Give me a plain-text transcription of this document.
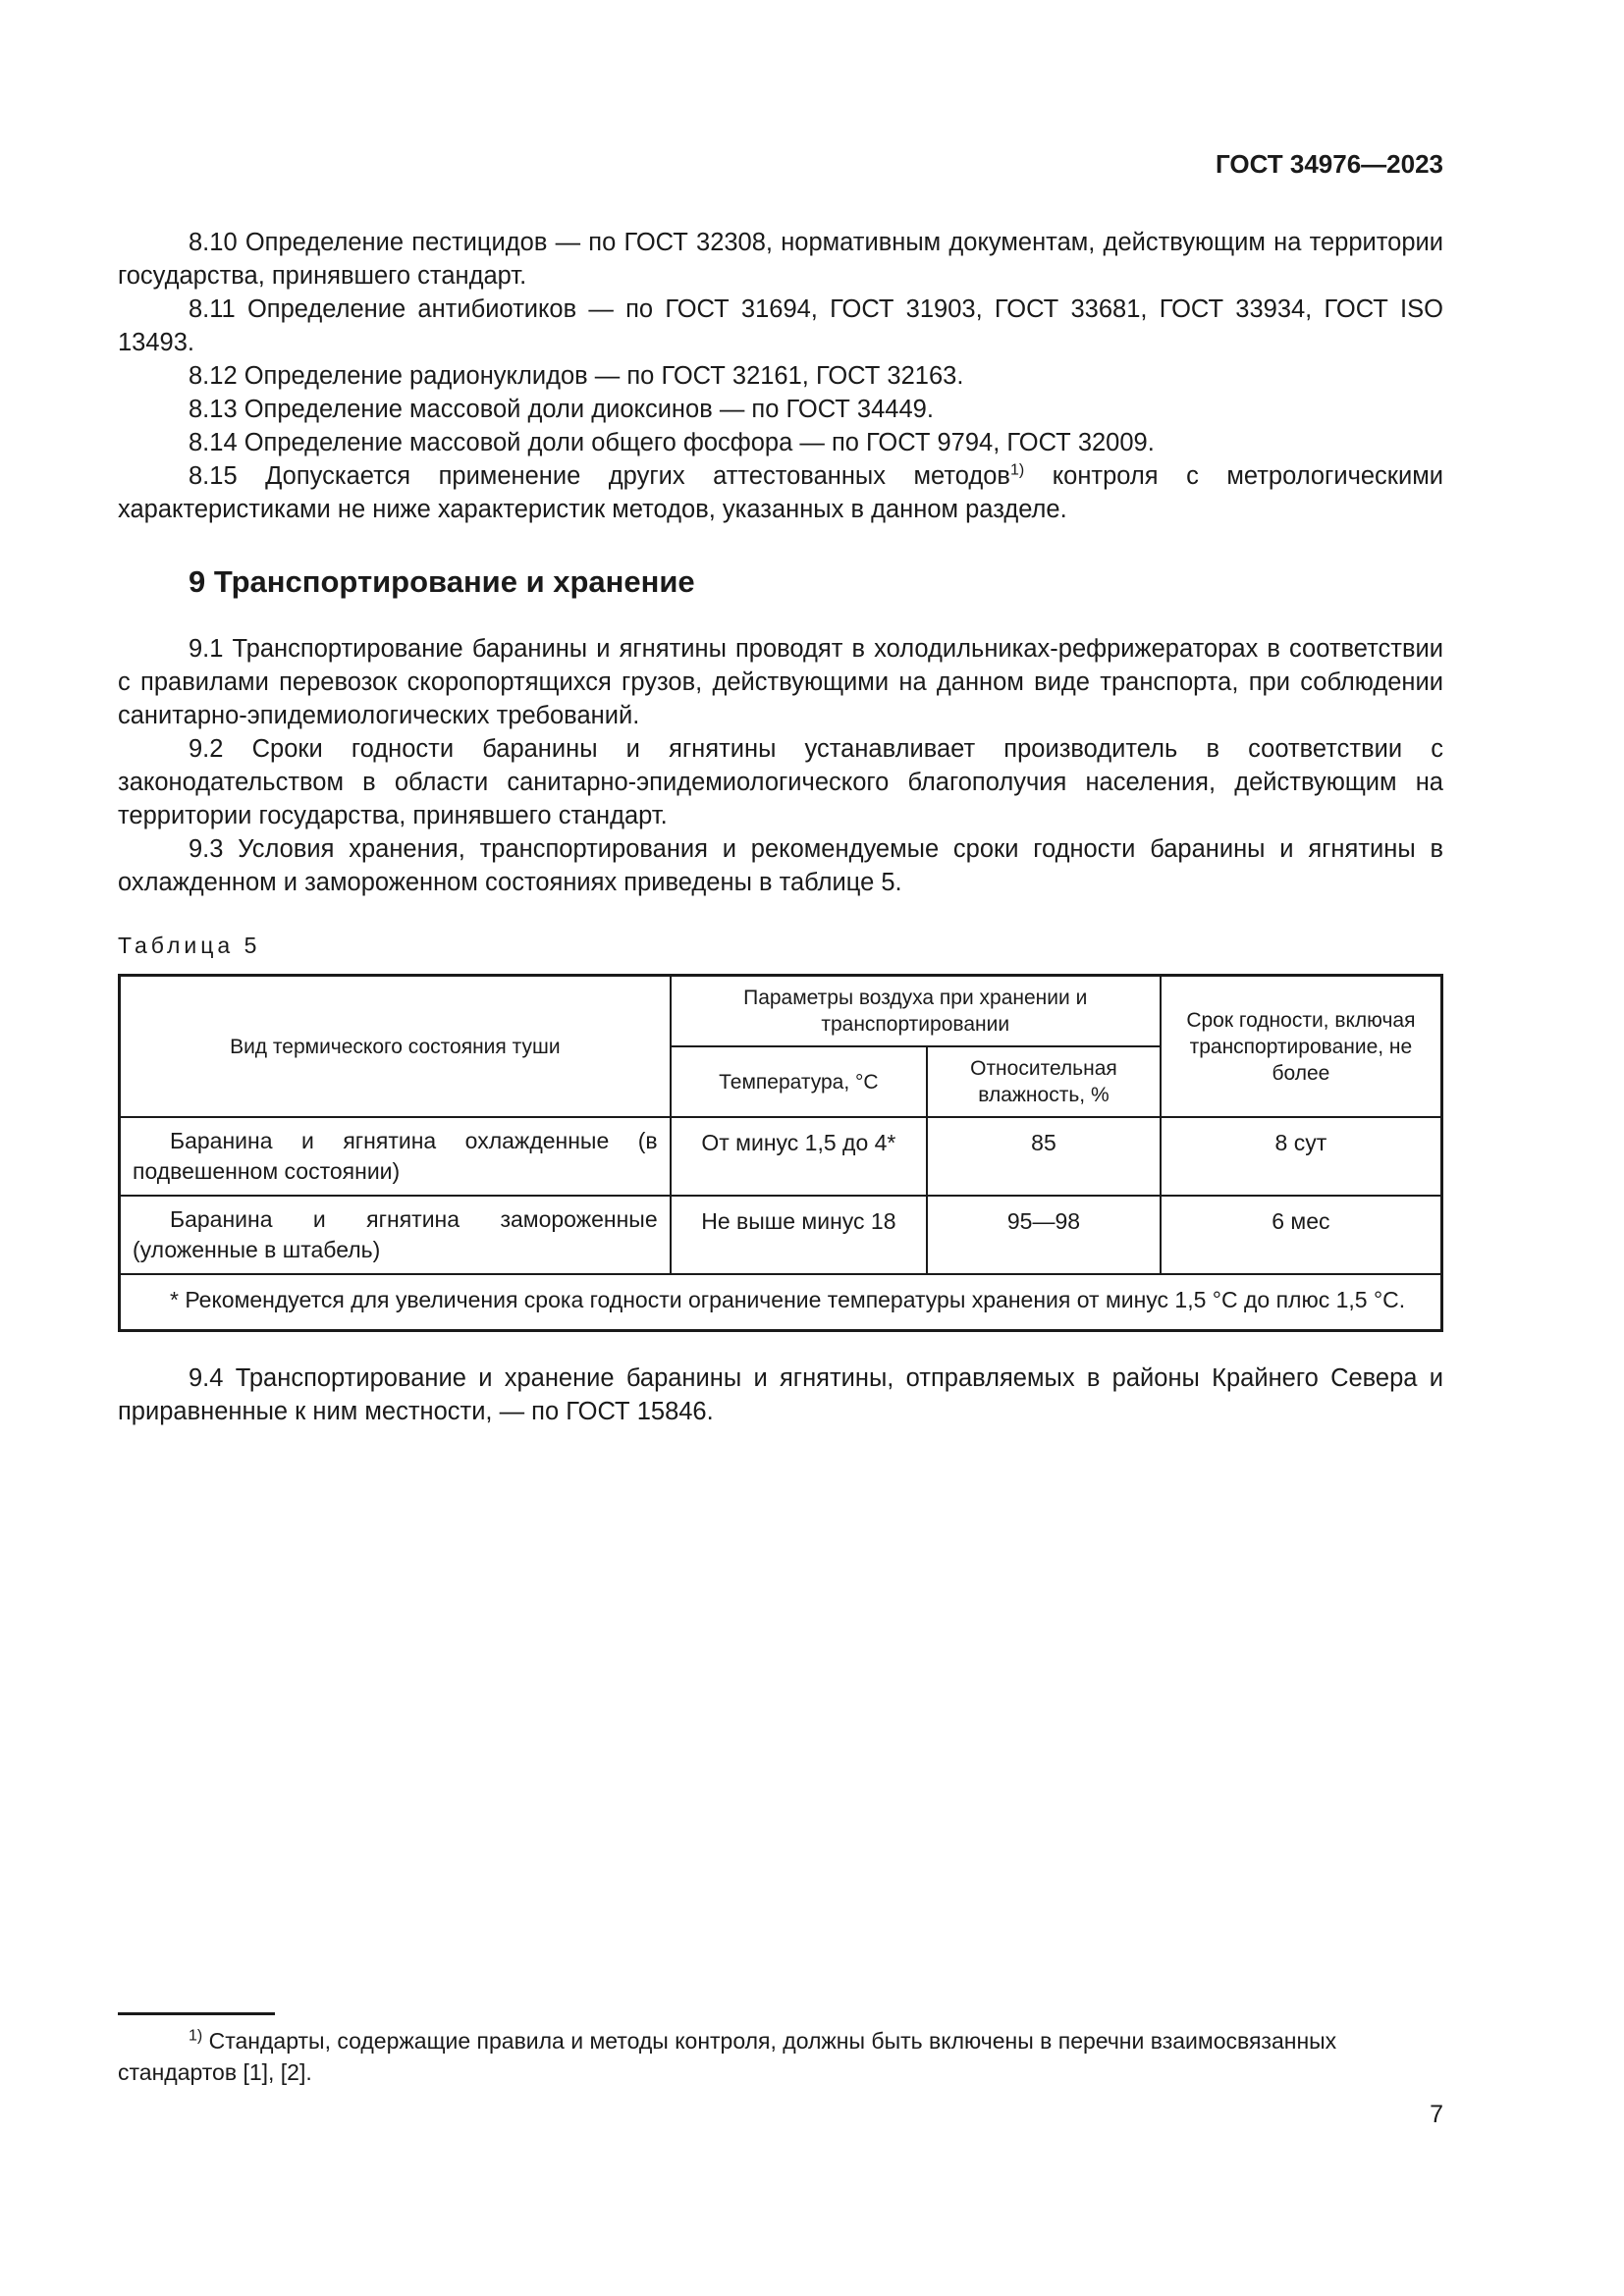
ГОСТ 34976—2023

8.10 Определение пестицидов — по ГОСТ 32308, нормативным документам, действующим на территории государства, принявшего стандарт.

8.11 Определение антибиотиков — по ГОСТ 31694, ГОСТ 31903, ГОСТ 33681, ГОСТ 33934, ГОСТ ISO 13493.

8.12 Определение радионуклидов — по ГОСТ 32161, ГОСТ 32163.

8.13 Определение массовой доли диоксинов — по ГОСТ 34449.

8.14 Определение массовой доли общего фосфора — по ГОСТ 9794, ГОСТ 32009.

8.15 Допускается применение других аттестованных методов$^{1)}$ контроля с метрологическими характеристиками не ниже характеристик методов, указанных в данном разделе.

9 Транспортирование и хранение

9.1 Транспортирование баранины и ягнятины проводят в холодильниках-рефрижераторах в соответствии с правилами перевозок скоропортящихся грузов, действующими на данном виде транспорта, при соблюдении санитарно-эпидемиологических требований.

9.2 Сроки годности баранины и ягнятины устанавливает производитель в соответствии с законодательством в области санитарно-эпидемиологического благополучия населения, действующим на территории государства, принявшего стандарт.

9.3 Условия хранения, транспортирования и рекомендуемые сроки годности баранины и ягнятины в охлажденном и замороженном состояниях приведены в таблице 5.

Таблица 5
Вид термического состояния туши	Параметры воздуха при хранении и транспортировании		Срок годности, включая транспортирование, не более
	Температура, °С	Относительная влажность, %	
Баранина и ягнятина охлажденные (в подвешенном состоянии)	От минус 1,5 до 4*	85	8 сут
Баранина и ягнятина замороженные (уложенные в штабель)	Не выше минус 18	95—98	6 мес
* Рекомендуется для увеличения срока годности ограничение температуры хранения от минус 1,5 °С до плюс 1,5 °С.			

9.4 Транспортирование и хранение баранины и ягнятины, отправляемых в районы Крайнего Севера и приравненные к ним местности, — по ГОСТ 15846.

$^{1)}$ Стандарты, содержащие правила и методы контроля, должны быть включены в перечни взаимосвязанных стандартов [1], [2].
7
